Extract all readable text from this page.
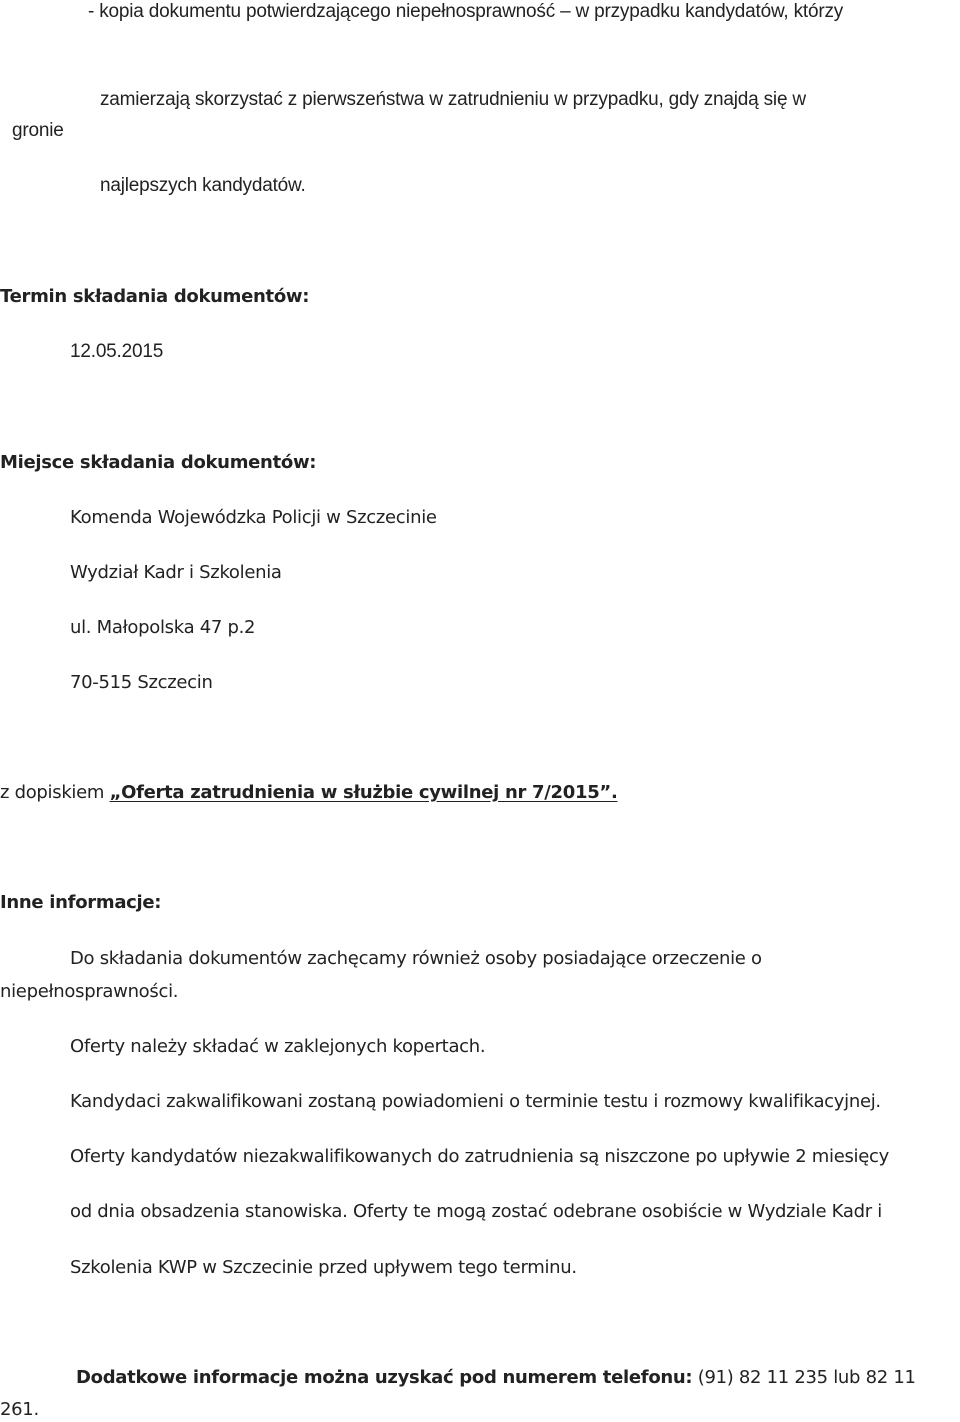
- kopia dokumentu potwierdzającego niepełnosprawność – w przypadku kandydatów, którzy
zamierzają skorzystać z pierwszeństwa w zatrudnieniu w przypadku, gdy znajdą się w
gronie
najlepszych kandydatów.
Termin składania dokumentów:
12.05.2015
Miejsce składania dokumentów:
Komenda Wojewódzka Policji w Szczecinie
Wydział Kadr i Szkolenia
ul. Małopolska 47 p.2
70-515 Szczecin
z dopiskiem „Oferta zatrudnienia w służbie cywilnej nr 7/2015”.
Inne informacje:
Do składania dokumentów zachęcamy również osoby posiadające orzeczenie o
niepełnosprawności.
Oferty należy składać w zaklejonych kopertach.
Kandydaci zakwalifikowani zostaną powiadomieni o terminie testu i rozmowy kwalifikacyjnej.
Oferty kandydatów niezakwalifikowanych do zatrudnienia są niszczone po upływie 2 miesięcy
od dnia obsadzenia stanowiska. Oferty te mogą zostać odebrane osobiście w Wydziale Kadr i
Szkolenia KWP w Szczecinie przed upływem tego terminu.
Dodatkowe informacje można uzyskać pod numerem telefonu: (91) 82 11 235 lub 82 11
261.
